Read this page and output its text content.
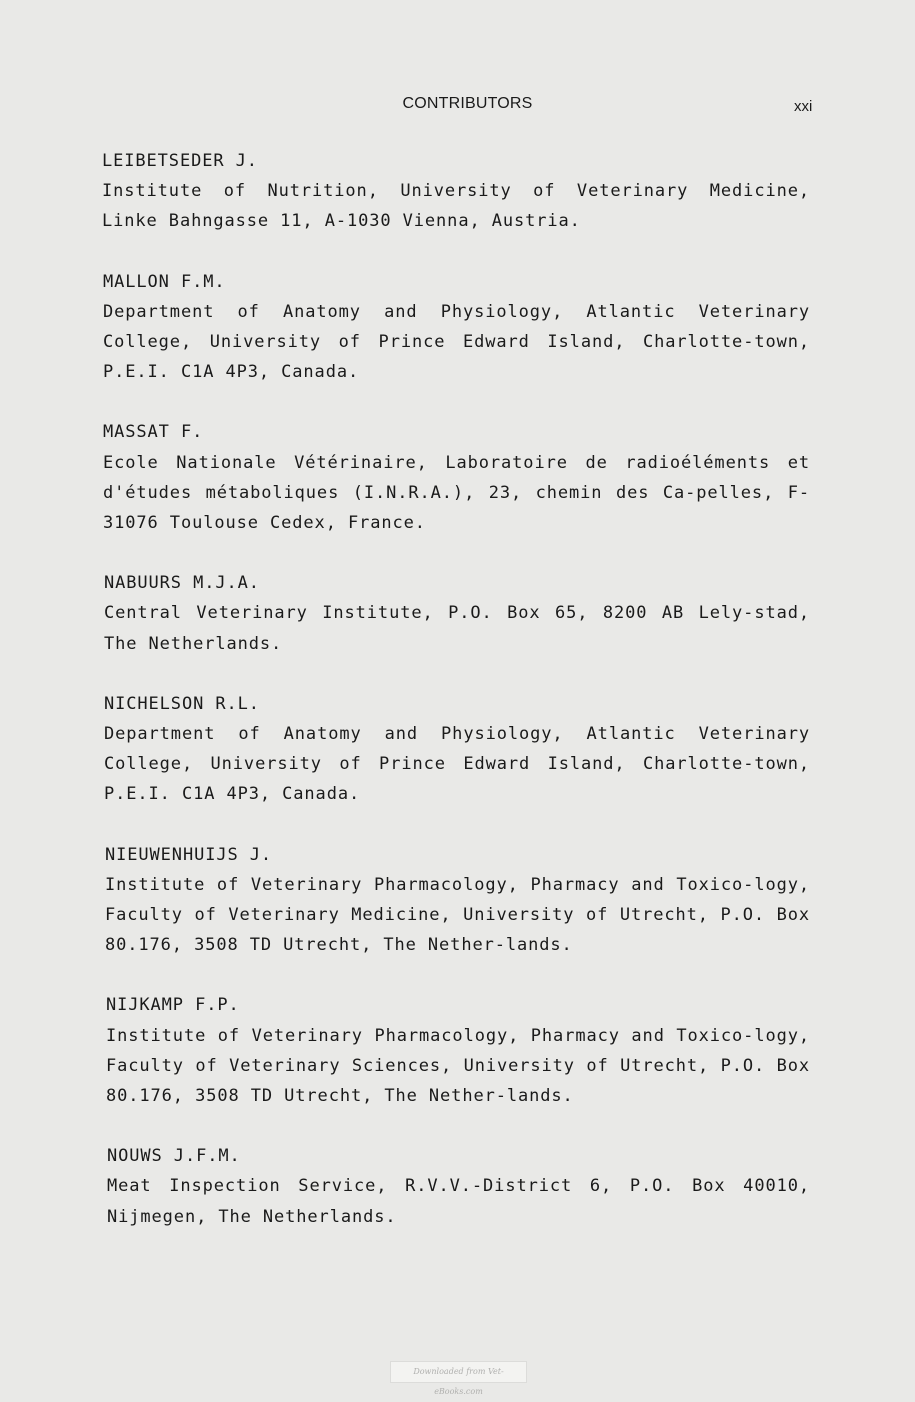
CONTRIBUTORS	xxi
LEIBETSEDER J.
Institute of Nutrition, University of Veterinary Medicine, Linke Bahngasse 11, A-1030 Vienna, Austria.
MALLON F.M.
Department of Anatomy and Physiology, Atlantic Veterinary College, University of Prince Edward Island, Charlotte-town, P.E.I. C1A 4P3, Canada.
MASSAT F.
Ecole Nationale Vétérinaire, Laboratoire de radioéléments et d'études métaboliques (I.N.R.A.), 23, chemin des Ca-pelles, F-31076 Toulouse Cedex, France.
NABUURS M.J.A.
Central Veterinary Institute, P.O. Box 65, 8200 AB Lely-stad, The Netherlands.
NICHELSON R.L.
Department of Anatomy and Physiology, Atlantic Veterinary College, University of Prince Edward Island, Charlotte-town, P.E.I. C1A 4P3, Canada.
NIEUWENHUIJS J.
Institute of Veterinary Pharmacology, Pharmacy and Toxico-logy, Faculty of Veterinary Medicine, University of Utrecht, P.O. Box 80.176, 3508 TD Utrecht, The Nether-lands.
NIJKAMP F.P.
Institute of Veterinary Pharmacology, Pharmacy and Toxico-logy, Faculty of Veterinary Sciences, University of Utrecht, P.O. Box 80.176, 3508 TD Utrecht, The Nether-lands.
NOUWS J.F.M.
Meat Inspection Service, R.V.V.-District 6, P.O. Box 40010, Nijmegen, The Netherlands.
Downloaded from Vet-eBooks.com
